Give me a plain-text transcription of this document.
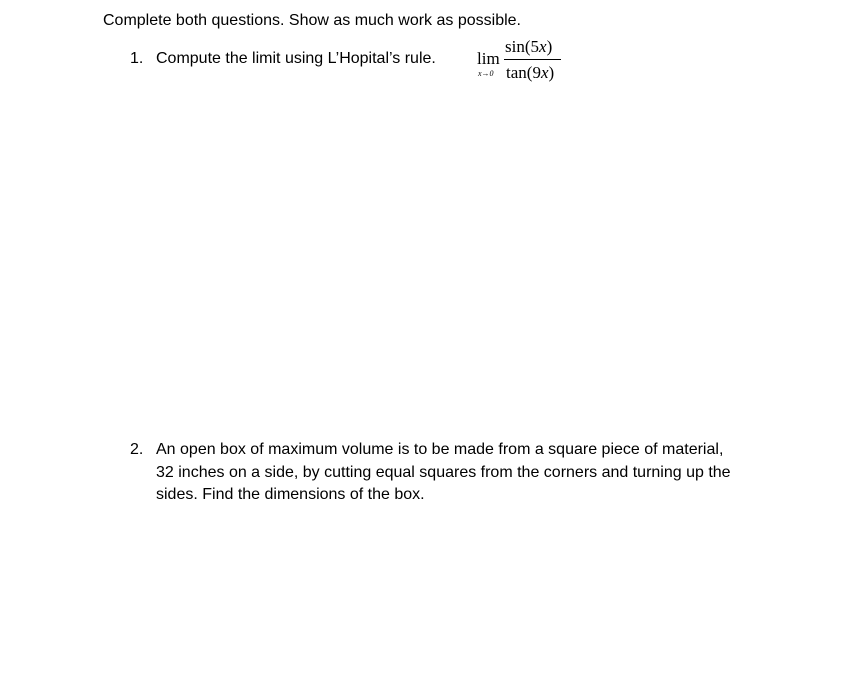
Complete both questions. Show as much work as possible.
1. Compute the limit using L’Hopital’s rule. lim
x→0
sin(5x)
tan(9x)
2. An open box of maximum volume is to be made from a square piece of material,
32 inches on a side, by cutting equal squares from the corners and turning up the
sides. Find the dimensions of the box.
